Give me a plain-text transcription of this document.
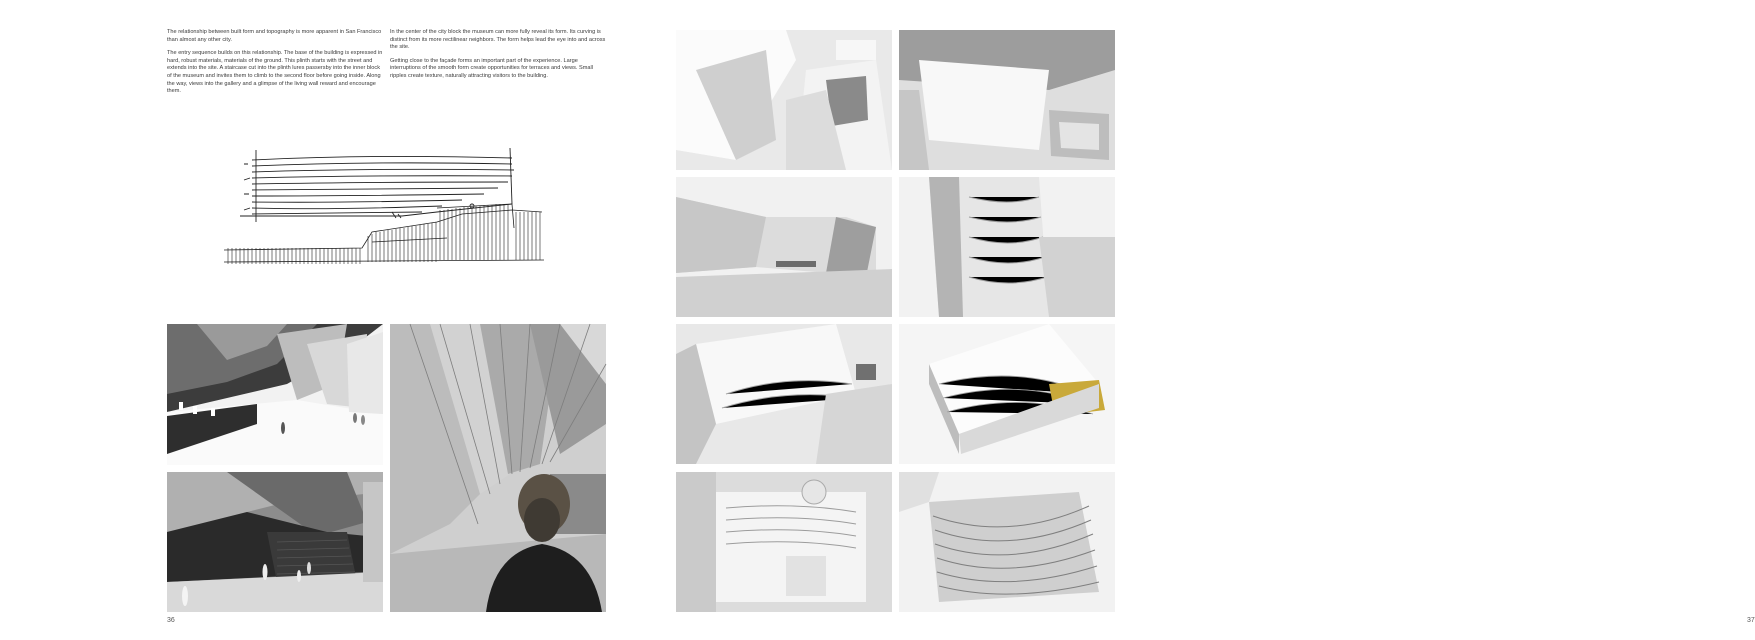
The relationship between built form and topography is more apparent in San Francisco than almost any other city.

The entry sequence builds on this relationship. The base of the building is expressed in hard, robust materials, materials of the ground. This plinth starts with the street and extends into the site. A staircase cut into the plinth lures passersby into the inner block of the museum and invites them to climb to the second floor before going inside. Along the way, views into the gallery and a glimpse of the living wall reward and encourage them.

In the center of the city block the museum can more fully reveal its form. Its curving is distinct from its more rectilinear neighbors. The form helps lead the eye into and across the site.

Getting close to the façade forms an important part of the experience. Large interruptions of the smooth form create opportunities for terraces and views. Small ripples create texture, naturally attracting visitors to the building.

36	37
